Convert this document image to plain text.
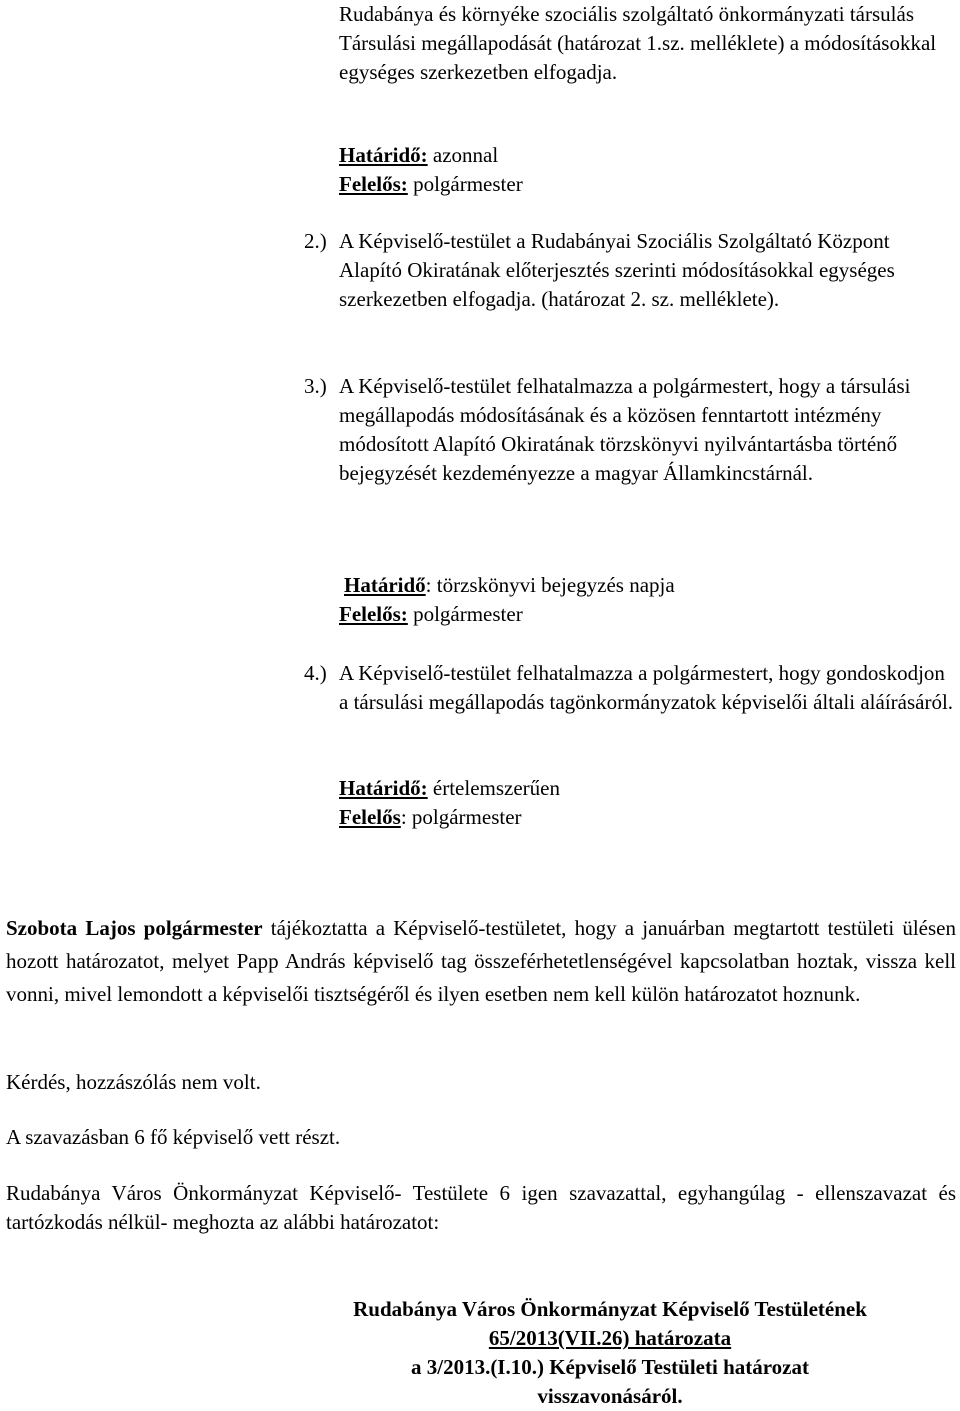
Rudabánya és környéke szociális szolgáltató önkormányzati társulás Társulási megállapodását (határozat 1.sz. melléklete) a módosításokkal egységes szerkezetben elfogadja.

Határidő: azonnal
Felelős: polgármester
2.) A Képviselő-testület a Rudabányai Szociális Szolgáltató Központ Alapító Okiratának előterjesztés szerinti módosításokkal egységes szerkezetben elfogadja. (határozat 2. sz. melléklete).
3.) A Képviselő-testület felhatalmazza a polgármestert, hogy a társulási megállapodás módosításának és a közösen fenntartott intézmény módosított Alapító Okiratának törzskönyvi nyilvántartásba történő bejegyzését kezdeményezze a magyar Államkincstárnál.
Határidő: törzskönyvi bejegyzés napja
Felelős: polgármester
4.) A Képviselő-testület felhatalmazza a polgármestert, hogy gondoskodjon a társulási megállapodás tagönkormányzatok képviselői általi aláírásáról.
Határidő: értelemszerűen
Felelős: polgármester

Szobota Lajos polgármester tájékoztatta a Képviselő-testületet, hogy a januárban megtartott testületi ülésen hozott határozatot, melyet Papp András képviselő tag összeférhetetlenségével kapcsolatban hoztak, vissza kell vonni, mivel lemondott a képviselői tisztségéről és ilyen esetben nem kell külön határozatot hoznunk.

Kérdés, hozzászólás nem volt.

A szavazásban 6 fő képviselő vett részt.

Rudabánya Város Önkormányzat Képviselő- Testülete 6 igen szavazattal, egyhangúlag - ellenszavazat és tartózkodás nélkül- meghozta az alábbi határozatot:

Rudabánya Város Önkormányzat Képviselő Testületének
65/2013(VII.26) határozata
a 3/2013.(I.10.) Képviselő Testületi határozat
visszavonásáról.
